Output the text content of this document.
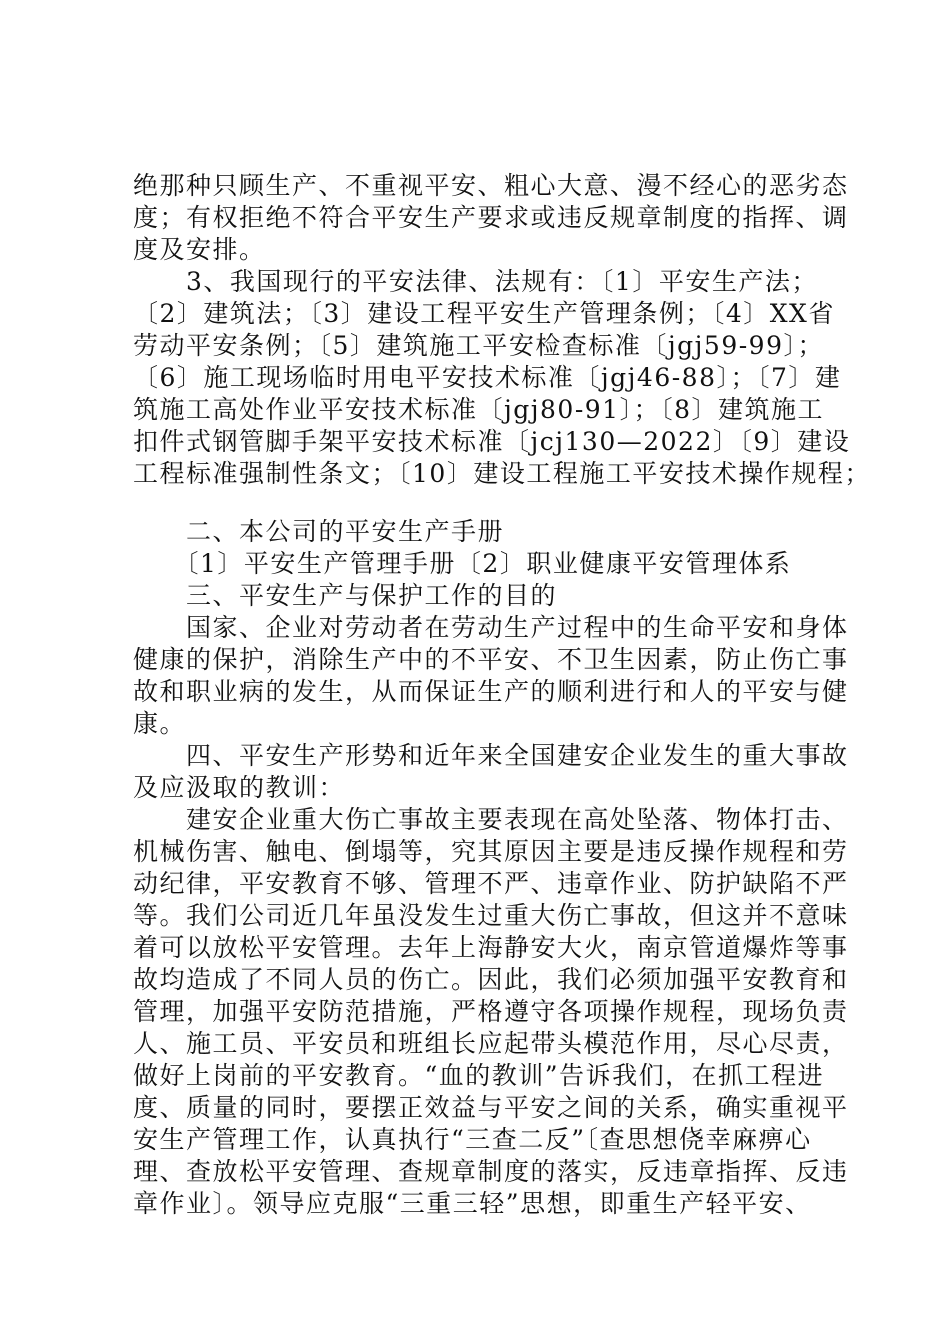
绝那种只顾生产、不重视平安、粗心大意、漫不经心的恶劣态
度；有权拒绝不符合平安生产要求或违反规章制度的指挥、调
度及安排。
　　3、我国现行的平安法律、法规有：〔1〕平安生产法；
〔2〕建筑法；〔3〕建设工程平安生产管理条例；〔4〕XX省
劳动平安条例；〔5〕建筑施工平安检查标准〔jgj59-99〕；
〔6〕施工现场临时用电平安技术标准〔jgj46-88〕；〔7〕建
筑施工高处作业平安技术标准〔jgj80-91〕；〔8〕建筑施工
扣件式钢管脚手架平安技术标准〔jcj130—2022〕〔9〕建设
工程标准强制性条文；〔10〕建设工程施工平安技术操作规程；
　　二、本公司的平安生产手册
　　〔1〕平安生产管理手册〔2〕职业健康平安管理体系
　　三、平安生产与保护工作的目的
　　国家、企业对劳动者在劳动生产过程中的生命平安和身体
健康的保护，消除生产中的不平安、不卫生因素，防止伤亡事
故和职业病的发生，从而保证生产的顺利进行和人的平安与健
康。
　　四、平安生产形势和近年来全国建安企业发生的重大事故
及应汲取的教训：
　　建安企业重大伤亡事故主要表现在高处坠落、物体打击、
机械伤害、触电、倒塌等，究其原因主要是违反操作规程和劳
动纪律，平安教育不够、管理不严、违章作业、防护缺陷不严
等。我们公司近几年虽没发生过重大伤亡事故，但这并不意味
着可以放松平安管理。去年上海静安大火，南京管道爆炸等事
故均造成了不同人员的伤亡。因此，我们必须加强平安教育和
管理，加强平安防范措施，严格遵守各项操作规程，现场负责
人、施工员、平安员和班组长应起带头模范作用，尽心尽责，
做好上岗前的平安教育。“血的教训”告诉我们，在抓工程进
度、质量的同时，要摆正效益与平安之间的关系，确实重视平
安生产管理工作，认真执行“三查二反”〔查思想侥幸麻痹心
理、查放松平安管理、查规章制度的落实，反违章指挥、反违
章作业〕。领导应克服“三重三轻”思想，即重生产轻平安、
